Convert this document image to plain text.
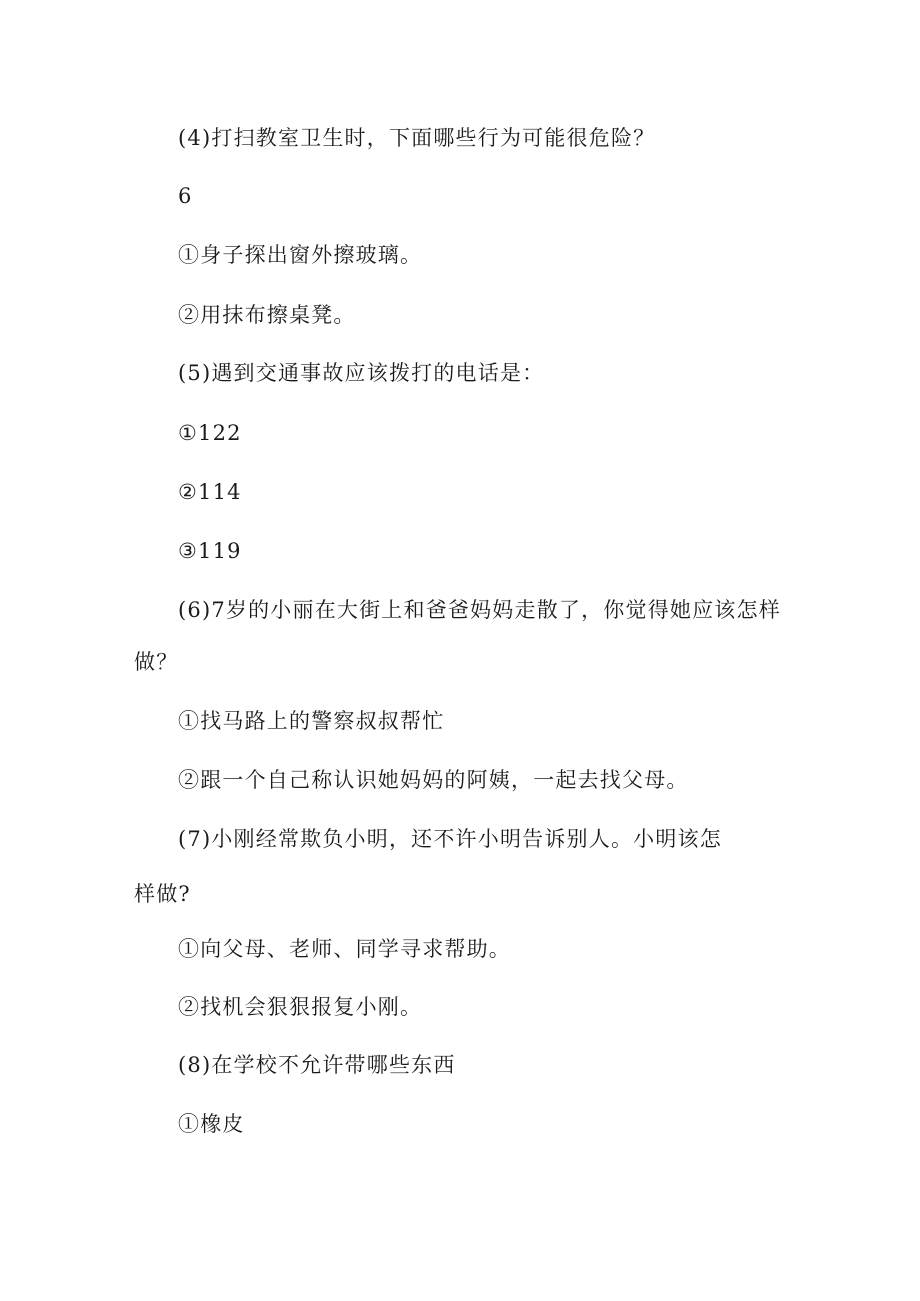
(4)打扫教室卫生时，下面哪些行为可能很危险？
6
①身子探出窗外擦玻璃。
②用抹布擦桌凳。
(5)遇到交通事故应该拨打的电话是：
①122
②114
③119
(6)7岁的小丽在大街上和爸爸妈妈走散了，你觉得她应该怎样
做？
①找马路上的警察叔叔帮忙
②跟一个自己称认识她妈妈的阿姨，一起去找父母。
(7)小刚经常欺负小明，还不许小明告诉别人。小明该怎
样做?
①向父母、老师、同学寻求帮助。
②找机会狠狠报复小刚。
(8)在学校不允许带哪些东西
①橡皮
